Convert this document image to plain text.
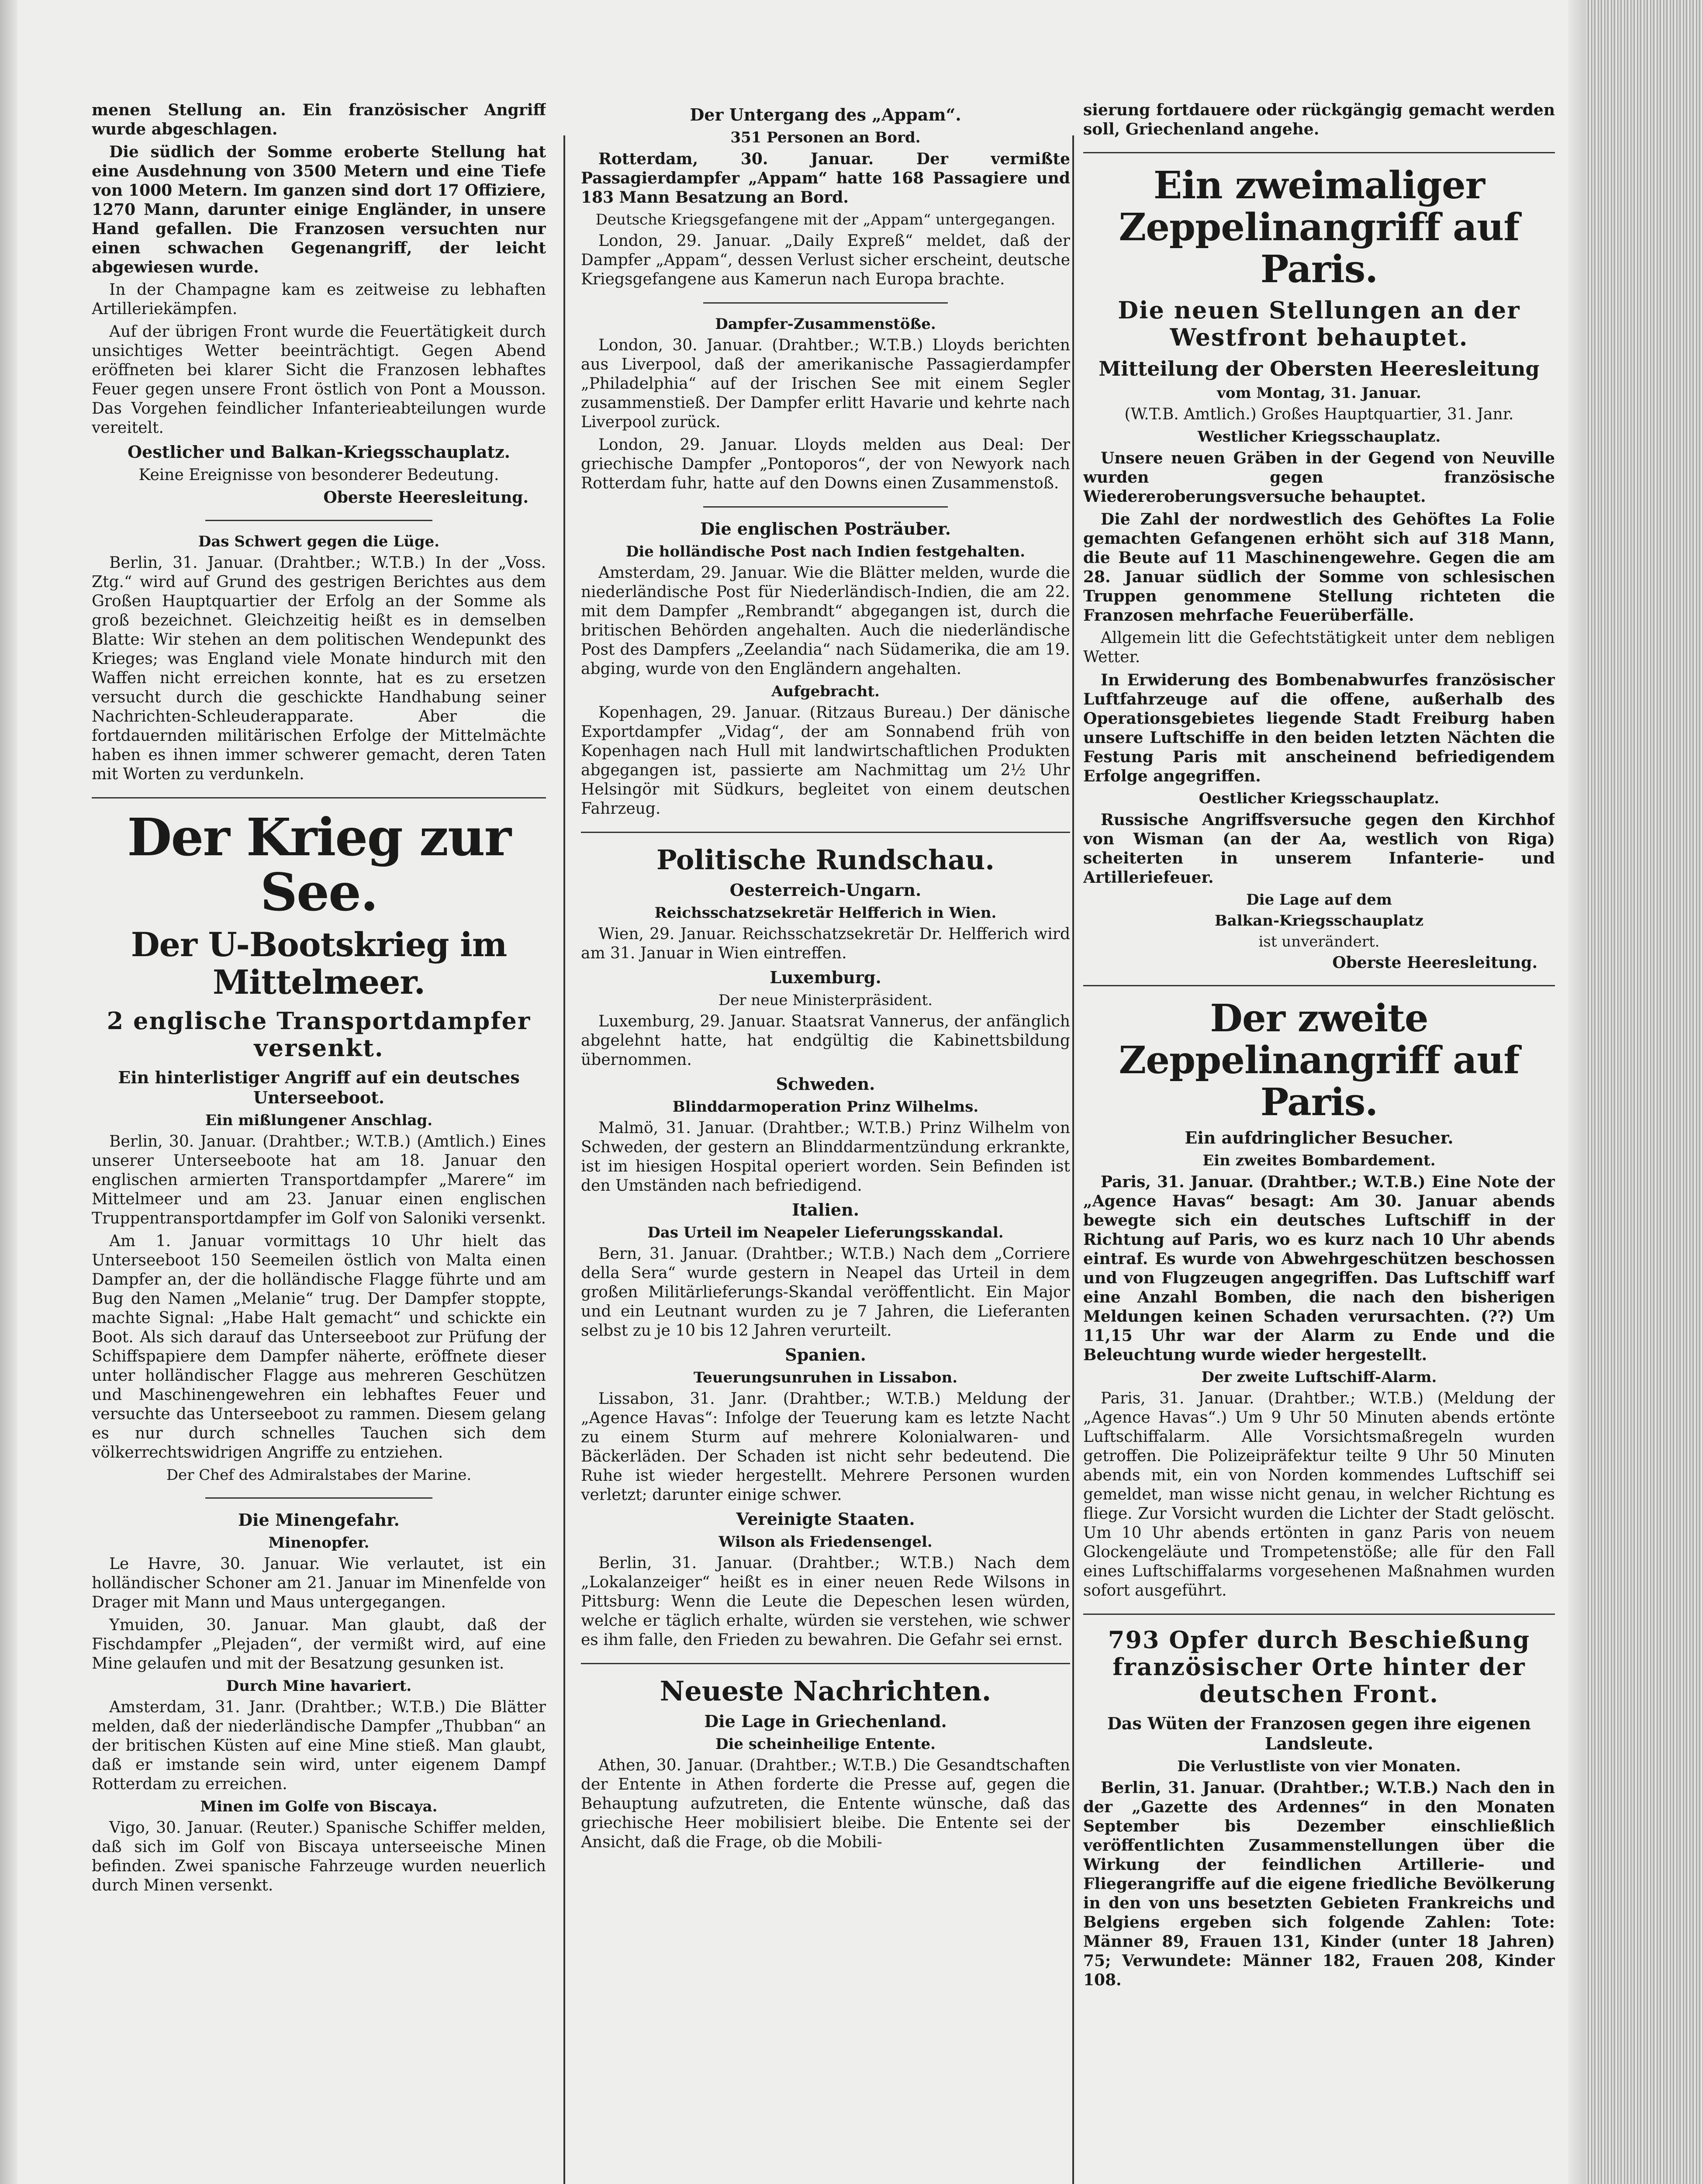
menen Stellung an. Ein französischer Angriff wurde abgeschlagen.

Die südlich der Somme eroberte Stellung hat eine Ausdehnung von 3500 Metern und eine Tiefe von 1000 Metern. Im ganzen sind dort 17 Offiziere, 1270 Mann, darunter einige Engländer, in unsere Hand gefallen. Die Franzosen versuchten nur einen schwachen Gegenangriff, der leicht abgewiesen wurde.

In der Champagne kam es zeitweise zu lebhaften Artilleriekämpfen.

Auf der übrigen Front wurde die Feuertätigkeit durch unsichtiges Wetter beeinträchtigt. Gegen Abend eröffneten bei klarer Sicht die Franzosen lebhaftes Feuer gegen unsere Front östlich von Pont a Mousson. Das Vorgehen feindlicher Infanterieabteilungen wurde vereitelt.

Oestlicher und Balkan-Kriegsschauplatz.

Keine Ereignisse von besonderer Bedeutung.

Oberste Heeresleitung.
Das Schwert gegen die Lüge.

Berlin, 31. Januar. (Drahtber.; W.T.B.) In der „Voss. Ztg.“ wird auf Grund des gestrigen Berichtes aus dem Großen Hauptquartier der Erfolg an der Somme als groß bezeichnet. Gleichzeitig heißt es in demselben Blatte: Wir stehen an dem politischen Wendepunkt des Krieges; was England viele Monate hindurch mit den Waffen nicht erreichen konnte, hat es zu ersetzen versucht durch die geschickte Handhabung seiner Nachrichten-Schleuderapparate. Aber die fortdauernden militärischen Erfolge der Mittelmächte haben es ihnen immer schwerer gemacht, deren Taten mit Worten zu verdunkeln.

Der Krieg zur See.
Der U-Bootskrieg im Mittelmeer.
2 englische Transportdampfer versenkt.
Ein hinterlistiger Angriff auf ein deutsches Unterseeboot.
Ein mißlungener Anschlag.

Berlin, 30. Januar. (Drahtber.; W.T.B.) (Amtlich.) Eines unserer Unterseeboote hat am 18. Januar den englischen armierten Transportdampfer „Marere“ im Mittelmeer und am 23. Januar einen englischen Truppentransportdampfer im Golf von Saloniki versenkt.

Am 1. Januar vormittags 10 Uhr hielt das Unterseeboot 150 Seemeilen östlich von Malta einen Dampfer an, der die holländische Flagge führte und am Bug den Namen „Melanie“ trug. Der Dampfer stoppte, machte Signal: „Habe Halt gemacht“ und schickte ein Boot. Als sich darauf das Unterseeboot zur Prüfung der Schiffspapiere dem Dampfer näherte, eröffnete dieser unter holländischer Flagge aus mehreren Geschützen und Maschinengewehren ein lebhaftes Feuer und versuchte das Unterseeboot zu rammen. Diesem gelang es nur durch schnelles Tauchen sich dem völkerrechtswidrigen Angriffe zu entziehen.

Der Chef des Admiralstabes der Marine.
Die Minengefahr.
Minenopfer.

Le Havre, 30. Januar. Wie verlautet, ist ein holländischer Schoner am 21. Januar im Minenfelde von Drager mit Mann und Maus untergegangen.

Ymuiden, 30. Januar. Man glaubt, daß der Fischdampfer „Plejaden“, der vermißt wird, auf eine Mine gelaufen und mit der Besatzung gesunken ist.

Durch Mine havariert.

Amsterdam, 31. Janr. (Drahtber.; W.T.B.) Die Blätter melden, daß der niederländische Dampfer „Thubban“ an der britischen Küsten auf eine Mine stieß. Man glaubt, daß er imstande sein wird, unter eigenem Dampf Rotterdam zu erreichen.

Minen im Golfe von Biscaya.

Vigo, 30. Januar. (Reuter.) Spanische Schiffer melden, daß sich im Golf von Biscaya unterseeische Minen befinden. Zwei spanische Fahrzeuge wurden neuerlich durch Minen versenkt.

Der Untergang des „Appam“.
351 Personen an Bord.

Rotterdam, 30. Januar. Der vermißte Passagierdampfer „Appam“ hatte 168 Passagiere und 183 Mann Besatzung an Bord.

Deutsche Kriegsgefangene mit der „Appam“ untergegangen.

London, 29. Januar. „Daily Expreß“ meldet, daß der Dampfer „Appam“, dessen Verlust sicher erscheint, deutsche Kriegsgefangene aus Kamerun nach Europa brachte.

Dampfer-Zusammenstöße.

London, 30. Januar. (Drahtber.; W.T.B.) Lloyds berichten aus Liverpool, daß der amerikanische Passagierdampfer „Philadelphia“ auf der Irischen See mit einem Segler zusammenstieß. Der Dampfer erlitt Havarie und kehrte nach Liverpool zurück.

London, 29. Januar. Lloyds melden aus Deal: Der griechische Dampfer „Pontoporos“, der von Newyork nach Rotterdam fuhr, hatte auf den Downs einen Zusammenstoß.

Die englischen Posträuber.
Die holländische Post nach Indien festgehalten.

Amsterdam, 29. Januar. Wie die Blätter melden, wurde die niederländische Post für Niederländisch-Indien, die am 22. mit dem Dampfer „Rembrandt“ abgegangen ist, durch die britischen Behörden angehalten. Auch die niederländische Post des Dampfers „Zeelandia“ nach Südamerika, die am 19. abging, wurde von den Engländern angehalten.

Aufgebracht.

Kopenhagen, 29. Januar. (Ritzaus Bureau.) Der dänische Exportdampfer „Vidag“, der am Sonnabend früh von Kopenhagen nach Hull mit landwirtschaftlichen Produkten abgegangen ist, passierte am Nachmittag um 2½ Uhr Helsingör mit Südkurs, begleitet von einem deutschen Fahrzeug.

Politische Rundschau.
Oesterreich-Ungarn.
Reichsschatzsekretär Helfferich in Wien.

Wien, 29. Januar. Reichsschatzsekretär Dr. Helfferich wird am 31. Januar in Wien eintreffen.

Luxemburg.
Der neue Ministerpräsident.

Luxemburg, 29. Januar. Staatsrat Vannerus, der anfänglich abgelehnt hatte, hat endgültig die Kabinettsbildung übernommen.

Schweden.
Blinddarmoperation Prinz Wilhelms.

Malmö, 31. Januar. (Drahtber.; W.T.B.) Prinz Wilhelm von Schweden, der gestern an Blinddarmentzündung erkrankte, ist im hiesigen Hospital operiert worden. Sein Befinden ist den Umständen nach befriedigend.

Italien.
Das Urteil im Neapeler Lieferungsskandal.

Bern, 31. Januar. (Drahtber.; W.T.B.) Nach dem „Corriere della Sera“ wurde gestern in Neapel das Urteil in dem großen Militärlieferungs-Skandal veröffentlicht. Ein Major und ein Leutnant wurden zu je 7 Jahren, die Lieferanten selbst zu je 10 bis 12 Jahren verurteilt.

Spanien.
Teuerungsunruhen in Lissabon.

Lissabon, 31. Janr. (Drahtber.; W.T.B.) Meldung der „Agence Havas“: Infolge der Teuerung kam es letzte Nacht zu einem Sturm auf mehrere Kolonialwaren- und Bäckerläden. Der Schaden ist nicht sehr bedeutend. Die Ruhe ist wieder hergestellt. Mehrere Personen wurden verletzt; darunter einige schwer.

Vereinigte Staaten.
Wilson als Friedensengel.

Berlin, 31. Januar. (Drahtber.; W.T.B.) Nach dem „Lokalanzeiger“ heißt es in einer neuen Rede Wilsons in Pittsburg: Wenn die Leute die Depeschen lesen würden, welche er täglich erhalte, würden sie verstehen, wie schwer es ihm falle, den Frieden zu bewahren. Die Gefahr sei ernst.

Neueste Nachrichten.
Die Lage in Griechenland.
Die scheinheilige Entente.

Athen, 30. Januar. (Drahtber.; W.T.B.) Die Gesandtschaften der Entente in Athen forderte die Presse auf, gegen die Behauptung aufzutreten, die Entente wünsche, daß das griechische Heer mobilisiert bleibe. Die Entente sei der Ansicht, daß die Frage, ob die Mobili-

sierung fortdauere oder rückgängig gemacht werden soll, Griechenland angehe.

Ein zweimaliger Zeppelinangriff auf Paris.
Die neuen Stellungen an der Westfront behauptet.
Mitteilung der Obersten Heeresleitung
vom Montag, 31. Januar.

(W.T.B. Amtlich.) Großes Hauptquartier, 31. Janr.

Westlicher Kriegsschauplatz.

Unsere neuen Gräben in der Gegend von Neuville wurden gegen französische Wiedereroberungsversuche behauptet.

Die Zahl der nordwestlich des Gehöftes La Folie gemachten Gefangenen erhöht sich auf 318 Mann, die Beute auf 11 Maschinengewehre. Gegen die am 28. Januar südlich der Somme von schlesischen Truppen genommene Stellung richteten die Franzosen mehrfache Feuerüberfälle.

Allgemein litt die Gefechtstätigkeit unter dem nebligen Wetter.

In Erwiderung des Bombenabwurfes französischer Luftfahrzeuge auf die offene, außerhalb des Operationsgebietes liegende Stadt Freiburg haben unsere Luftschiffe in den beiden letzten Nächten die Festung Paris mit anscheinend befriedigendem Erfolge angegriffen.

Oestlicher Kriegsschauplatz.

Russische Angriffsversuche gegen den Kirchhof von Wisman (an der Aa, westlich von Riga) scheiterten in unserem Infanterie- und Artilleriefeuer.

Die Lage auf dem
Balkan-Kriegsschauplatz
ist unverändert.
Oberste Heeresleitung.
Der zweite Zeppelinangriff auf Paris.
Ein aufdringlicher Besucher.
Ein zweites Bombardement.

Paris, 31. Januar. (Drahtber.; W.T.B.) Eine Note der „Agence Havas“ besagt: Am 30. Januar abends bewegte sich ein deutsches Luftschiff in der Richtung auf Paris, wo es kurz nach 10 Uhr abends eintraf. Es wurde von Abwehrgeschützen beschossen und von Flugzeugen angegriffen. Das Luftschiff warf eine Anzahl Bomben, die nach den bisherigen Meldungen keinen Schaden verursachten. (??) Um 11,15 Uhr war der Alarm zu Ende und die Beleuchtung wurde wieder hergestellt.

Der zweite Luftschiff-Alarm.

Paris, 31. Januar. (Drahtber.; W.T.B.) (Meldung der „Agence Havas“.) Um 9 Uhr 50 Minuten abends ertönte Luftschiffalarm. Alle Vorsichtsmaßregeln wurden getroffen. Die Polizeipräfektur teilte 9 Uhr 50 Minuten abends mit, ein von Norden kommendes Luftschiff sei gemeldet, man wisse nicht genau, in welcher Richtung es fliege. Zur Vorsicht wurden die Lichter der Stadt gelöscht. Um 10 Uhr abends ertönten in ganz Paris von neuem Glockengeläute und Trompetenstöße; alle für den Fall eines Luftschiffalarms vorgesehenen Maßnahmen wurden sofort ausgeführt.

793 Opfer durch Beschießung französischer Orte hinter der deutschen Front.
Das Wüten der Franzosen gegen ihre eigenen Landsleute.
Die Verlustliste von vier Monaten.

Berlin, 31. Januar. (Drahtber.; W.T.B.) Nach den in der „Gazette des Ardennes“ in den Monaten September bis Dezember einschließlich veröffentlichten Zusammenstellungen über die Wirkung der feindlichen Artillerie- und Fliegerangriffe auf die eigene friedliche Bevölkerung in den von uns besetzten Gebieten Frankreichs und Belgiens ergeben sich folgende Zahlen: Tote: Männer 89, Frauen 131, Kinder (unter 18 Jahren) 75; Verwundete: Männer 182, Frauen 208, Kinder 108.
